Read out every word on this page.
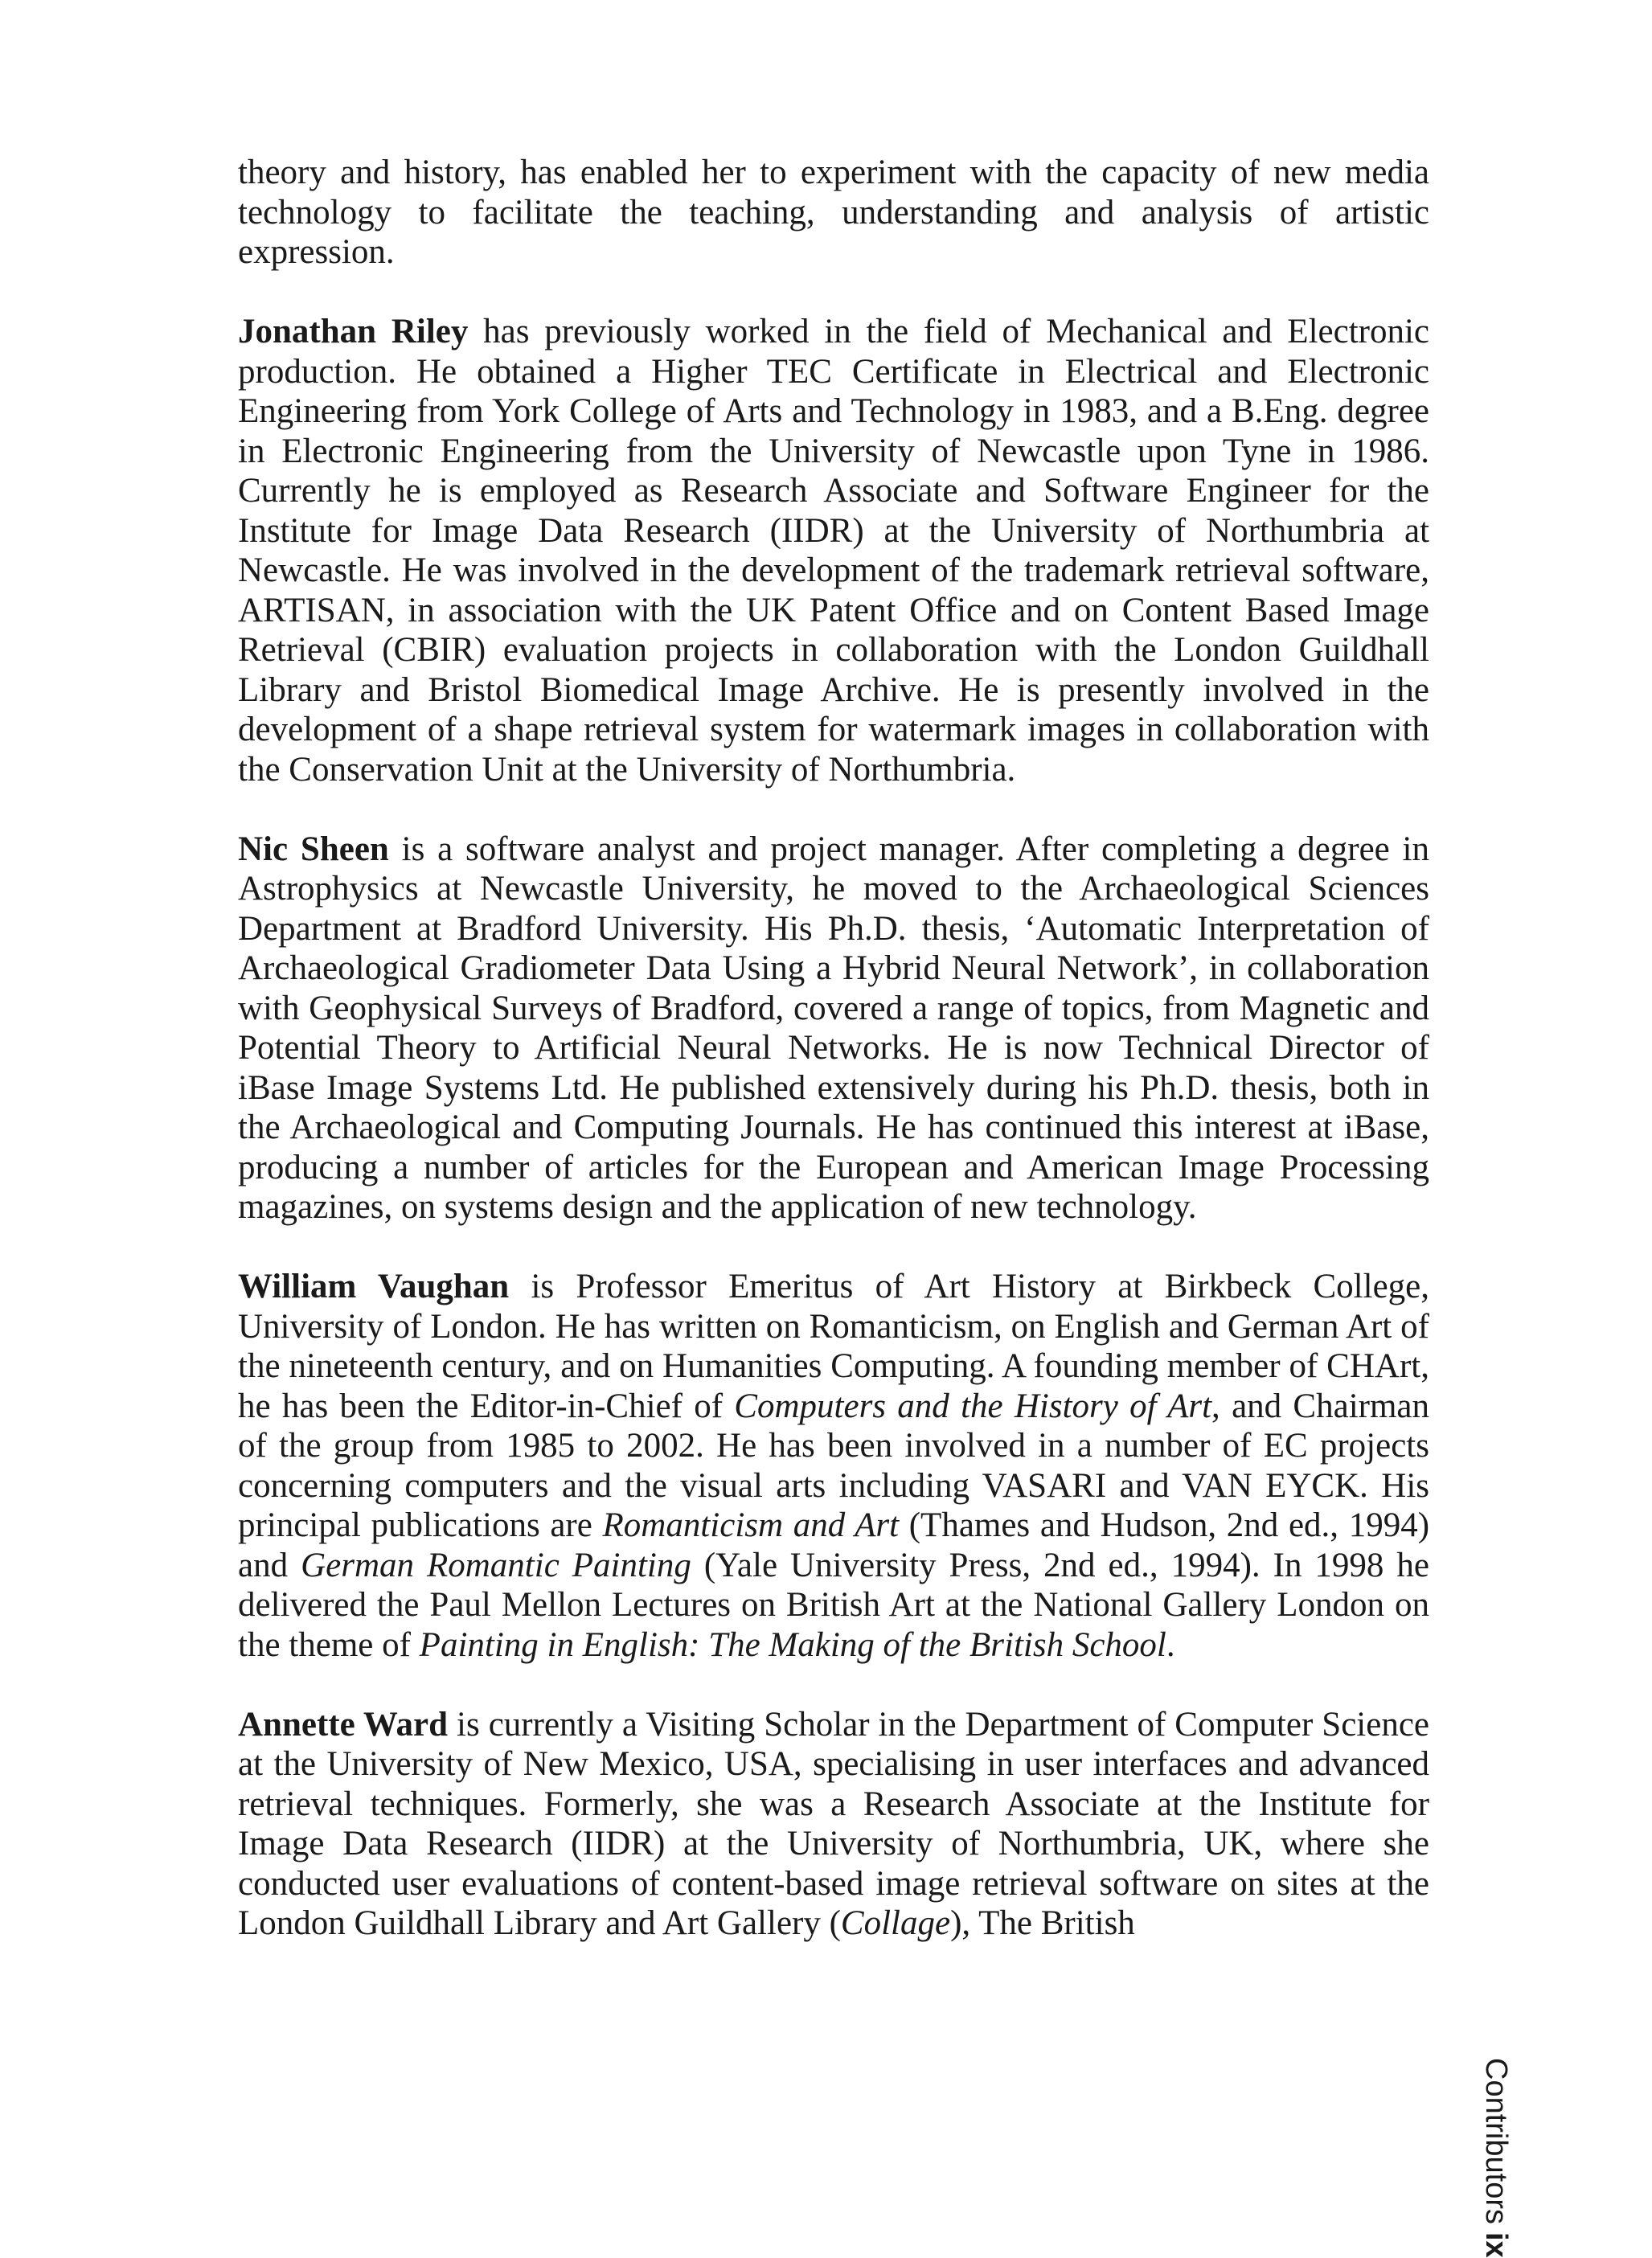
theory and history, has enabled her to experiment with the capacity of new media technology to facilitate the teaching, understanding and analysis of artistic expression.

Jonathan Riley has previously worked in the field of Mechanical and Electronic production. He obtained a Higher TEC Certificate in Electrical and Electronic Engineering from York College of Arts and Technology in 1983, and a B.Eng. degree in Electronic Engineering from the University of Newcastle upon Tyne in 1986. Currently he is employed as Research Associate and Software Engineer for the Institute for Image Data Research (IIDR) at the University of Northumbria at Newcastle. He was involved in the development of the trademark retrieval software, ARTISAN, in association with the UK Patent Office and on Content Based Image Retrieval (CBIR) evaluation projects in collaboration with the London Guildhall Library and Bristol Biomedical Image Archive. He is presently involved in the development of a shape retrieval system for watermark images in collaboration with the Conservation Unit at the University of Northumbria.

Nic Sheen is a software analyst and project manager. After completing a degree in Astrophysics at Newcastle University, he moved to the Archaeological Sciences Department at Bradford University. His Ph.D. thesis, ‘Automatic Interpretation of Archaeological Gradiometer Data Using a Hybrid Neural Network’, in collaboration with Geophysical Surveys of Bradford, covered a range of topics, from Magnetic and Potential Theory to Artificial Neural Networks. He is now Technical Director of iBase Image Systems Ltd. He published extensively during his Ph.D. thesis, both in the Archaeological and Computing Journals. He has continued this interest at iBase, producing a number of articles for the European and American Image Processing magazines, on systems design and the application of new technology.

William Vaughan is Professor Emeritus of Art History at Birkbeck College, University of London. He has written on Romanticism, on English and German Art of the nineteenth century, and on Humanities Computing. A founding member of CHArt, he has been the Editor-in-Chief of Computers and the History of Art, and Chairman of the group from 1985 to 2002. He has been involved in a number of EC projects concerning computers and the visual arts including VASARI and VAN EYCK. His principal publications are Romanticism and Art (Thames and Hudson, 2nd ed., 1994) and German Romantic Painting (Yale University Press, 2nd ed., 1994). In 1998 he delivered the Paul Mellon Lectures on British Art at the National Gallery London on the theme of Painting in English: The Making of the British School.

Annette Ward is currently a Visiting Scholar in the Department of Computer Science at the University of New Mexico, USA, specialising in user interfaces and advanced retrieval techniques. Formerly, she was a Research Associate at the Institute for Image Data Research (IIDR) at the University of Northumbria, UK, where she conducted user evaluations of content-based image retrieval software on sites at the London Guildhall Library and Art Gallery (Collage), The British

Contributorsix
